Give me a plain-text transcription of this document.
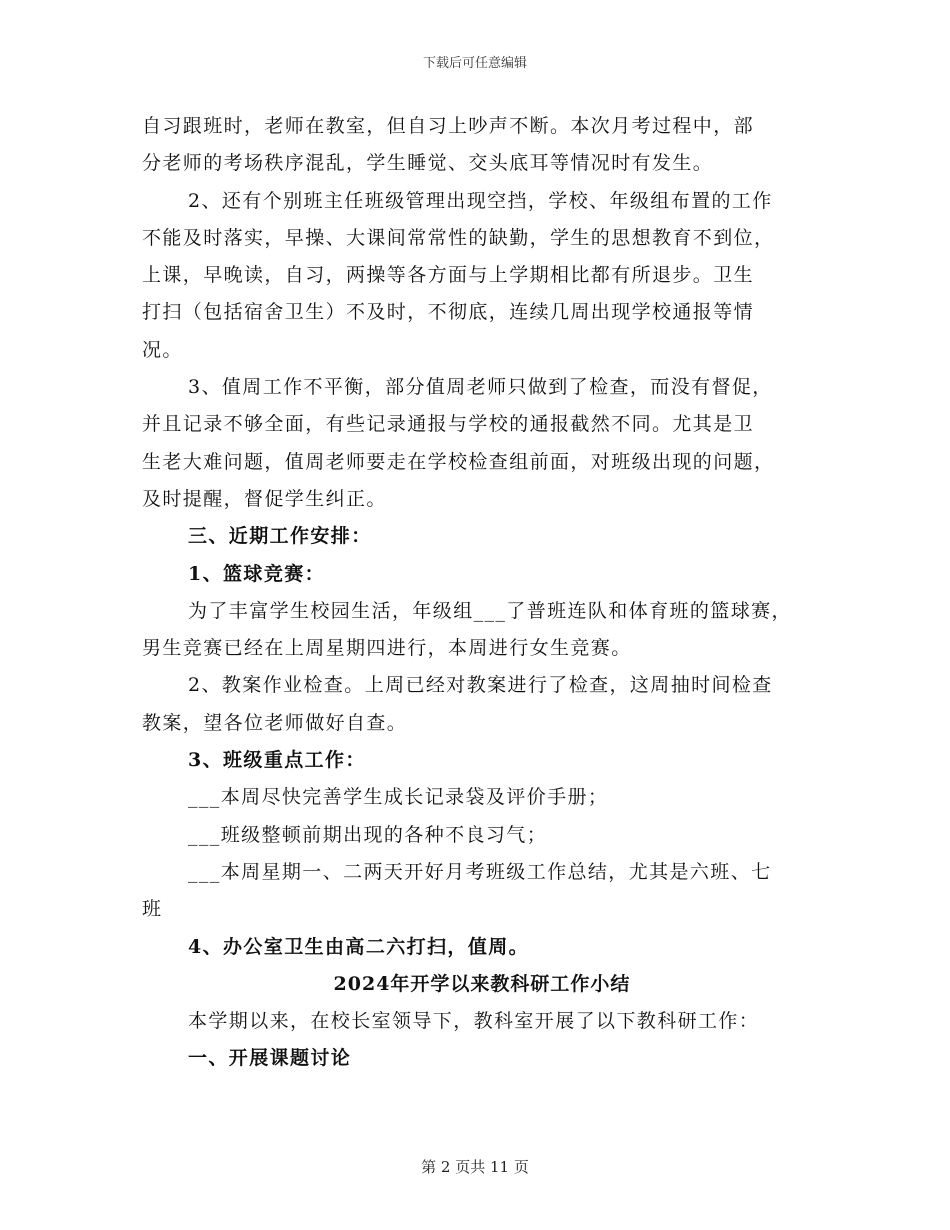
下载后可任意编辑
自习跟班时，老师在教室，但自习上吵声不断。本次月考过程中，部
分老师的考场秩序混乱，学生睡觉、交头底耳等情况时有发生。
2、还有个别班主任班级管理出现空挡，学校、年级组布置的工作
不能及时落实，早操、大课间常常性的缺勤，学生的思想教育不到位，
上课，早晚读，自习，两操等各方面与上学期相比都有所退步。卫生
打扫（包括宿舍卫生）不及时，不彻底，连续几周出现学校通报等情
况。
3、值周工作不平衡，部分值周老师只做到了检查，而没有督促，
并且记录不够全面，有些记录通报与学校的通报截然不同。尤其是卫
生老大难问题，值周老师要走在学校检查组前面，对班级出现的问题，
及时提醒，督促学生纠正。
三、近期工作安排：
1、篮球竞赛：
为了丰富学生校园生活，年级组___了普班连队和体育班的篮球赛，
男生竞赛已经在上周星期四进行，本周进行女生竞赛。
2、教案作业检查。上周已经对教案进行了检查，这周抽时间检查
教案，望各位老师做好自查。
3、班级重点工作：
___本周尽快完善学生成长记录袋及评价手册；
___班级整顿前期出现的各种不良习气；
___本周星期一、二两天开好月考班级工作总结，尤其是六班、七
班
4、办公室卫生由高二六打扫，值周。
2024年开学以来教科研工作小结
本学期以来，在校长室领导下，教科室开展了以下教科研工作：
一、开展课题讨论
第 2 页共 11 页
